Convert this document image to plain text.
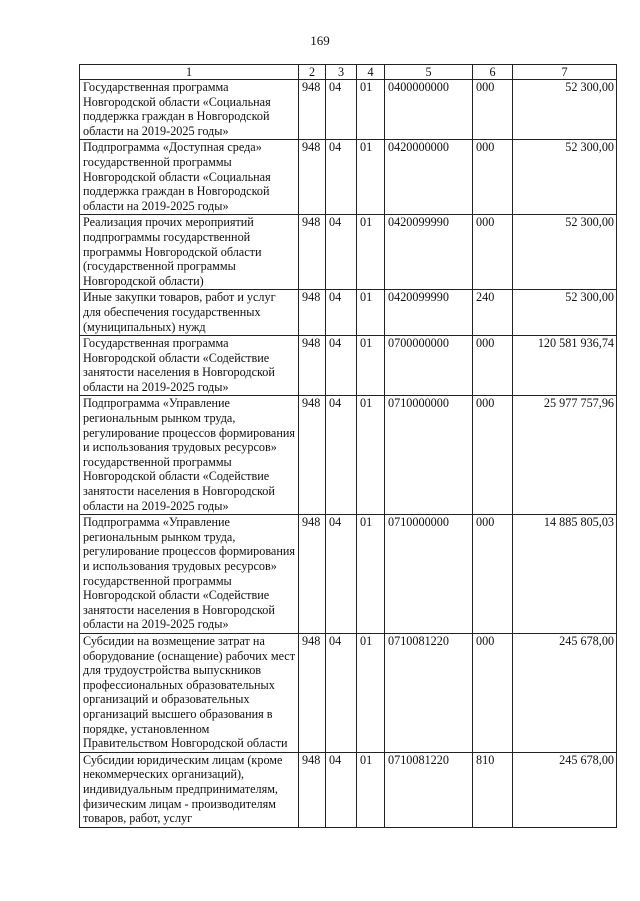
169
1	2	3	4	5	6	7
Государственная программа Новгородской области «Социальная поддержка граждан в Новгородской области на 2019-2025 годы»	948	04	01	0400000000	000	52 300,00
Подпрограмма «Доступная среда» государственной программы Новгородской области «Социальная поддержка граждан в Новгородской области на 2019-2025 годы»	948	04	01	0420000000	000	52 300,00
Реализация прочих мероприятий подпрограммы государственной программы Новгородской области (государственной программы Новгородской области)	948	04	01	0420099990	000	52 300,00
Иные закупки товаров, работ и услуг для обеспечения государственных (муниципальных) нужд	948	04	01	0420099990	240	52 300,00
Государственная программа Новгородской области «Содействие занятости населения в Новгородской области на 2019-2025 годы»	948	04	01	0700000000	000	120 581 936,74
Подпрограмма «Управление региональным рынком труда, регулирование процессов формирования и использования трудовых ресурсов» государственной программы Новгородской области «Содействие занятости населения в Новгородской области на 2019-2025 годы»	948	04	01	0710000000	000	25 977 757,96
Подпрограмма «Управление региональным рынком труда, регулирование процессов формирования и использования трудовых ресурсов» государственной программы Новгородской области «Содействие занятости населения в Новгородской области на 2019-2025 годы»	948	04	01	0710000000	000	14 885 805,03
Субсидии на возмещение затрат на оборудование (оснащение) рабочих мест для трудоустройства выпускников профессиональных образовательных организаций и образовательных организаций высшего образования в порядке, установленном Правительством Новгородской области	948	04	01	0710081220	000	245 678,00
Субсидии юридическим лицам (кроме некоммерческих организаций), индивидуальным предпринимателям, физическим лицам - производителям товаров, работ, услуг	948	04	01	0710081220	810	245 678,00
